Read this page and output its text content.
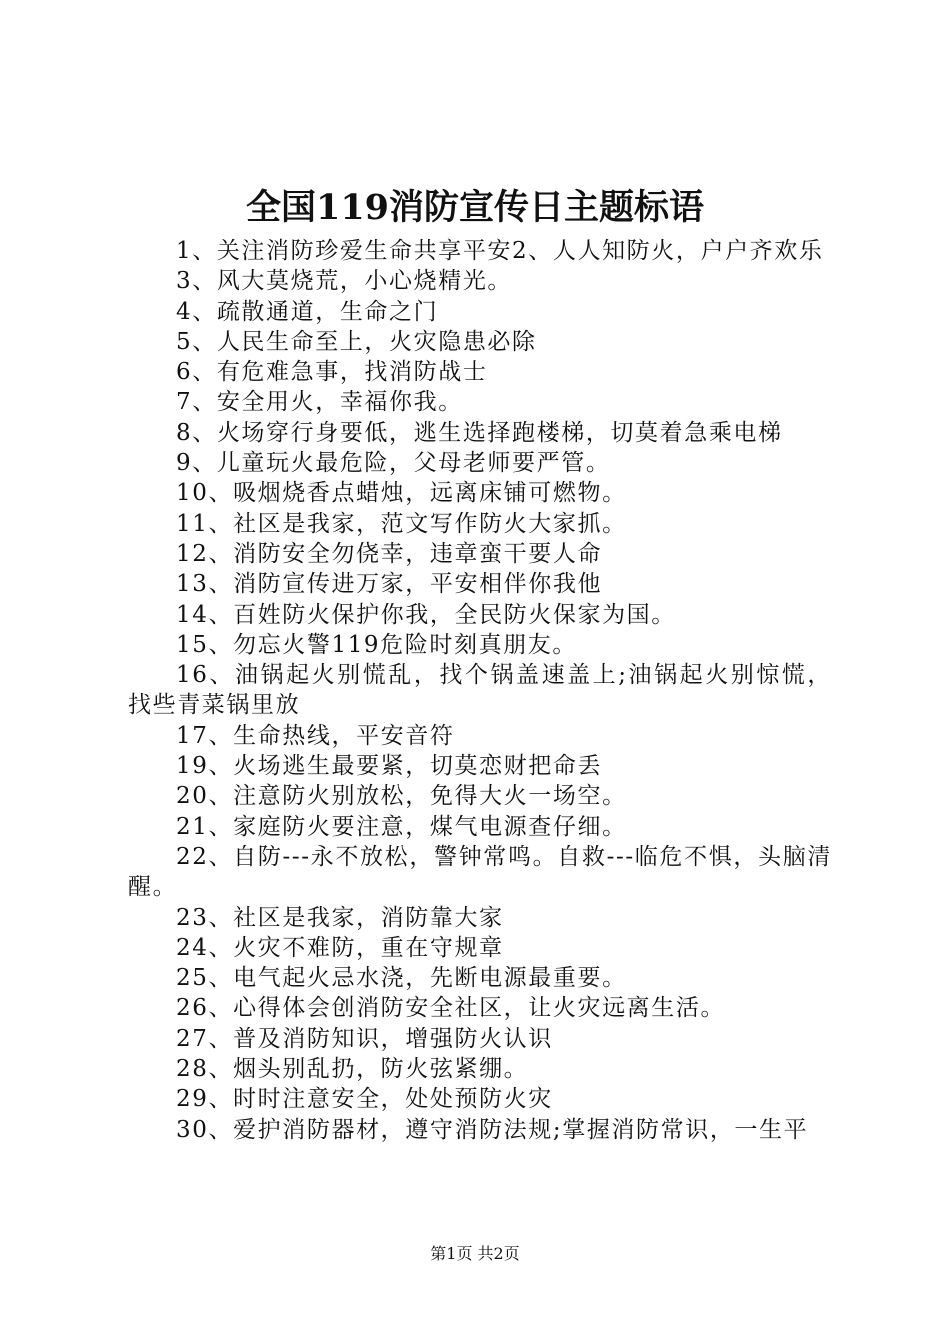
全国119消防宣传日主题标语

1、关注消防珍爱生命共享平安2、人人知防火，户户齐欢乐

3、风大莫烧荒，小心烧精光。

4、疏散通道，生命之门

5、人民生命至上，火灾隐患必除

6、有危难急事，找消防战士

7、安全用火，幸福你我。

8、火场穿行身要低，逃生选择跑楼梯，切莫着急乘电梯

9、儿童玩火最危险，父母老师要严管。

10、吸烟烧香点蜡烛，远离床铺可燃物。

11、社区是我家，范文写作防火大家抓。

12、消防安全勿侥幸，违章蛮干要人命

13、消防宣传进万家，平安相伴你我他

14、百姓防火保护你我，全民防火保家为国。

15、勿忘火警119危险时刻真朋友。

16、油锅起火别慌乱，找个锅盖速盖上;油锅起火别惊慌，找些青菜锅里放

17、生命热线，平安音符

19、火场逃生最要紧，切莫恋财把命丢

20、注意防火别放松，免得大火一场空。

21、家庭防火要注意，煤气电源查仔细。

22、自防---永不放松，警钟常鸣。自救---临危不惧，头脑清醒。

23、社区是我家，消防靠大家

24、火灾不难防，重在守规章

25、电气起火忌水浇，先断电源最重要。

26、心得体会创消防安全社区，让火灾远离生活。

27、普及消防知识，增强防火认识

28、烟头别乱扔，防火弦紧绷。

29、时时注意安全，处处预防火灾

30、爱护消防器材，遵守消防法规;掌握消防常识，一生平

第1页 共2页
